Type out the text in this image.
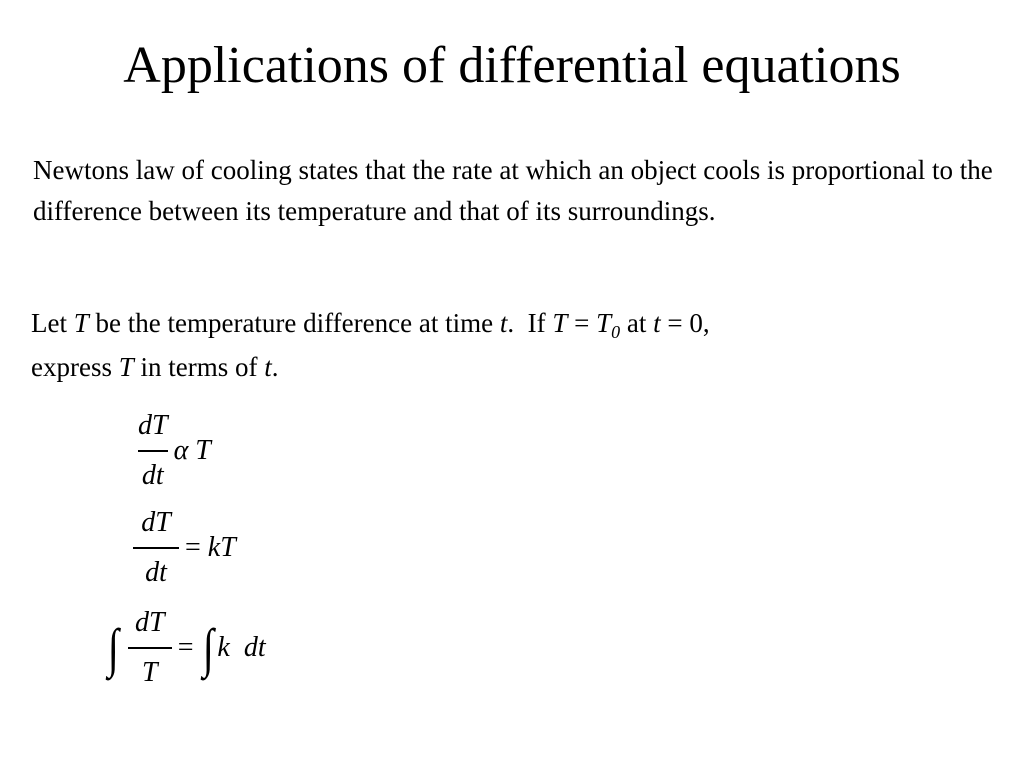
Applications of differential equations

Newtons law of cooling states that the rate at which an object cools is proportional to the difference between its temperature and that of its surroundings.

Let T be the temperature difference at time t.  If $T = T_0$ at t = 0,
express T in terms of t.

$\frac{dT}{dt}$ α T
$\frac{dT}{dt}$ = kT
∫ $\frac{dT}{T}$ = ∫ k dt
